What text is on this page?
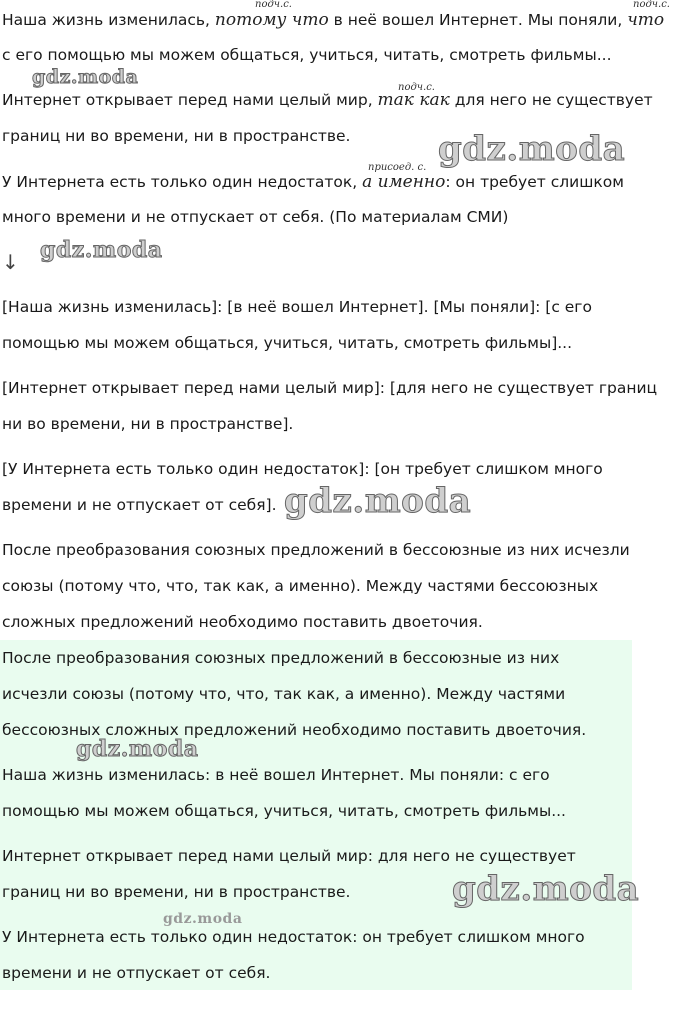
Наша жизнь изменилась, потому что в неё вошел Интернет. Мы поняли, что
подч.с.	подч.с.
с его помощью мы можем общаться, учиться, читать, смотреть фильмы...
подч.с.
Интернет открывает перед нами целый мир, так как для него не существует
границ ни во времени, ни в пространстве.
присоед. с.
У Интернета есть только один недостаток, а именно: он требует слишком
много времени и не отпускает от себя. (По материалам СМИ)
↓
[Наша жизнь изменилась]: [в неё вошел Интернет]. [Мы поняли]: [с его
помощью мы можем общаться, учиться, читать, смотреть фильмы]...
[Интернет открывает перед нами целый мир]: [для него не существует границ
ни во времени, ни в пространстве].
[У Интернета есть только один недостаток]: [он требует слишком много
времени и не отпускает от себя].
После преобразования союзных предложений в бессоюзные из них исчезли
союзы (потому что, что, так как, а именно). Между частями бессоюзных
сложных предложений необходимо поставить двоеточия.
После преобразования союзных предложений в бессоюзные из них
исчезли союзы (потому что, что, так как, а именно). Между частями
бессоюзных сложных предложений необходимо поставить двоеточия.
Наша жизнь изменилась: в неё вошел Интернет. Мы поняли: с его
помощью мы можем общаться, учиться, читать, смотреть фильмы...
Интернет открывает перед нами целый мир: для него не существует
границ ни во времени, ни в пространстве.
У Интернета есть только один недостаток: он требует слишком много
времени и не отпускает от себя.
gdz.moda
gdz.moda
gdz.moda
gdz.moda
gdz.moda
gdz.moda
gdz.moda
